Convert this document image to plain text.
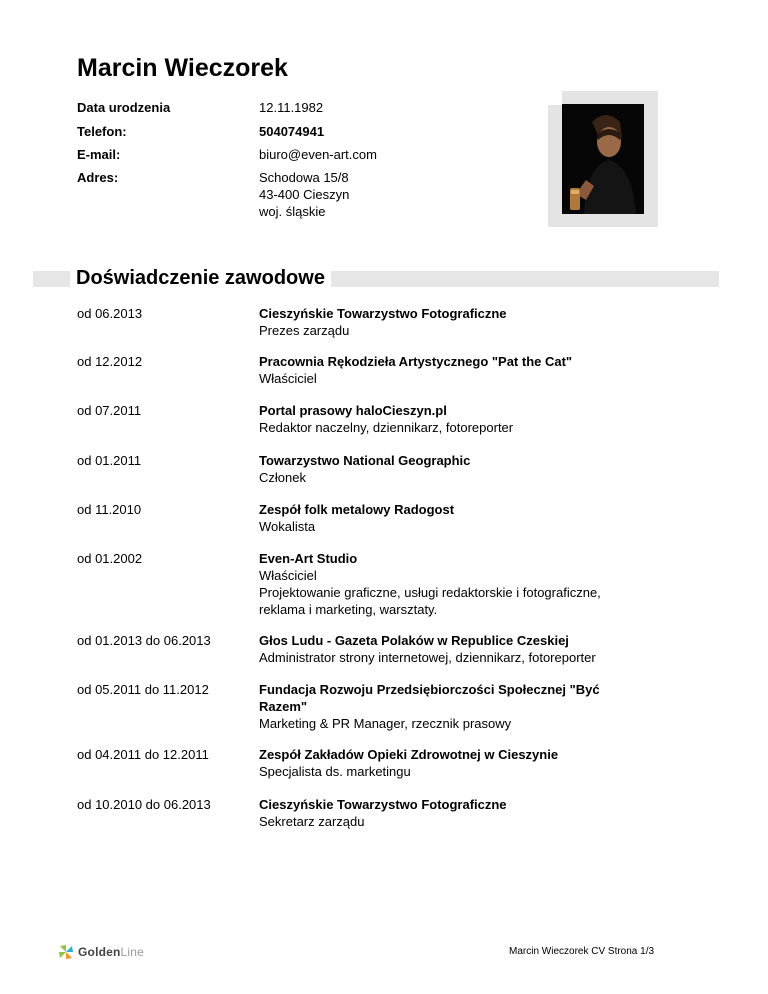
Marcin Wieczorek
Data urodzenia	12.11.1982
Telefon:	504074941
E-mail:	biuro@even-art.com
Adres:	Schodowa 15/8
43-400 Cieszyn
woj. śląskie
Doświadczenie zawodowe
od 06.2013	Cieszyńskie Towarzystwo Fotograficzne
Prezes zarządu
od 12.2012	Pracownia Rękodzieła Artystycznego "Pat the Cat"
Właściciel
od 07.2011	Portal prasowy haloCieszyn.pl
Redaktor naczelny, dziennikarz, fotoreporter
od 01.2011	Towarzystwo National Geographic
Członek
od 11.2010	Zespół folk metalowy Radogost
Wokalista
od 01.2002	Even-Art Studio
Właściciel
Projektowanie graficzne, usługi redaktorskie i fotograficzne,
reklama i marketing, warsztaty.
od 01.2013 do 06.2013	Głos Ludu - Gazeta Polaków w Republice Czeskiej
Administrator strony internetowej, dziennikarz, fotoreporter
od 05.2011 do 11.2012	Fundacja Rozwoju Przedsiębiorczości Społecznej "Być
Razem"
Marketing & PR Manager, rzecznik prasowy
od 04.2011 do 12.2011	Zespół Zakładów Opieki Zdrowotnej w Cieszynie
Specjalista ds. marketingu
od 10.2010 do 06.2013	Cieszyńskie Towarzystwo Fotograficzne
Sekretarz zarządu
GoldenLine	Marcin Wieczorek CV Strona 1/3
